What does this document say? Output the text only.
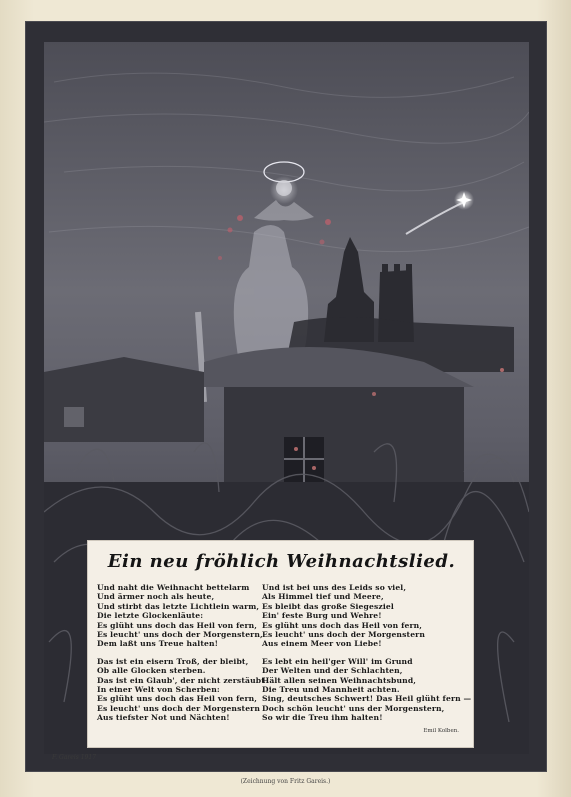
Ein neu fröhlich Weihnachtslied.
Und naht die Weihnacht bettelarm
Und ärmer noch als heute,
Und stirbt das letzte Lichtlein warm,
Die letzte Glockenläute:
Es glüht uns doch das Heil von fern,
Es leucht' uns doch der Morgenstern,
Dem laßt uns Treue halten!
Das ist ein eisern Troß, der bleibt,
Ob alle Glocken sterben.
Das ist ein Glaub', der nicht zerstäubt
In einer Welt von Scherben:
Es glüht uns doch das Heil von fern,
Es leucht' uns doch der Morgenstern
Aus tiefster Not und Nächten!
Und ist bei uns des Leids so viel,
Als Himmel tief und Meere,
Es bleibt das große Siegesziel
Ein' feste Burg und Wehre!
Es glüht uns doch das Heil von fern,
Es leucht' uns doch der Morgenstern
Aus einem Meer von Liebe!
Es lebt ein heil'ger Will' im Grund
Der Welten und der Schlachten,
Hält allen seinen Weihnachtsbund,
Die Treu und Mannheit achten.
Sing, deutsches Schwert! Das Heil glüht fern —
Doch schön leucht' uns der Morgenstern,
So wir die Treu ihm halten!
Emil Kolben.
F. Gareis 1917
(Zeichnung von Fritz Gareis.)
